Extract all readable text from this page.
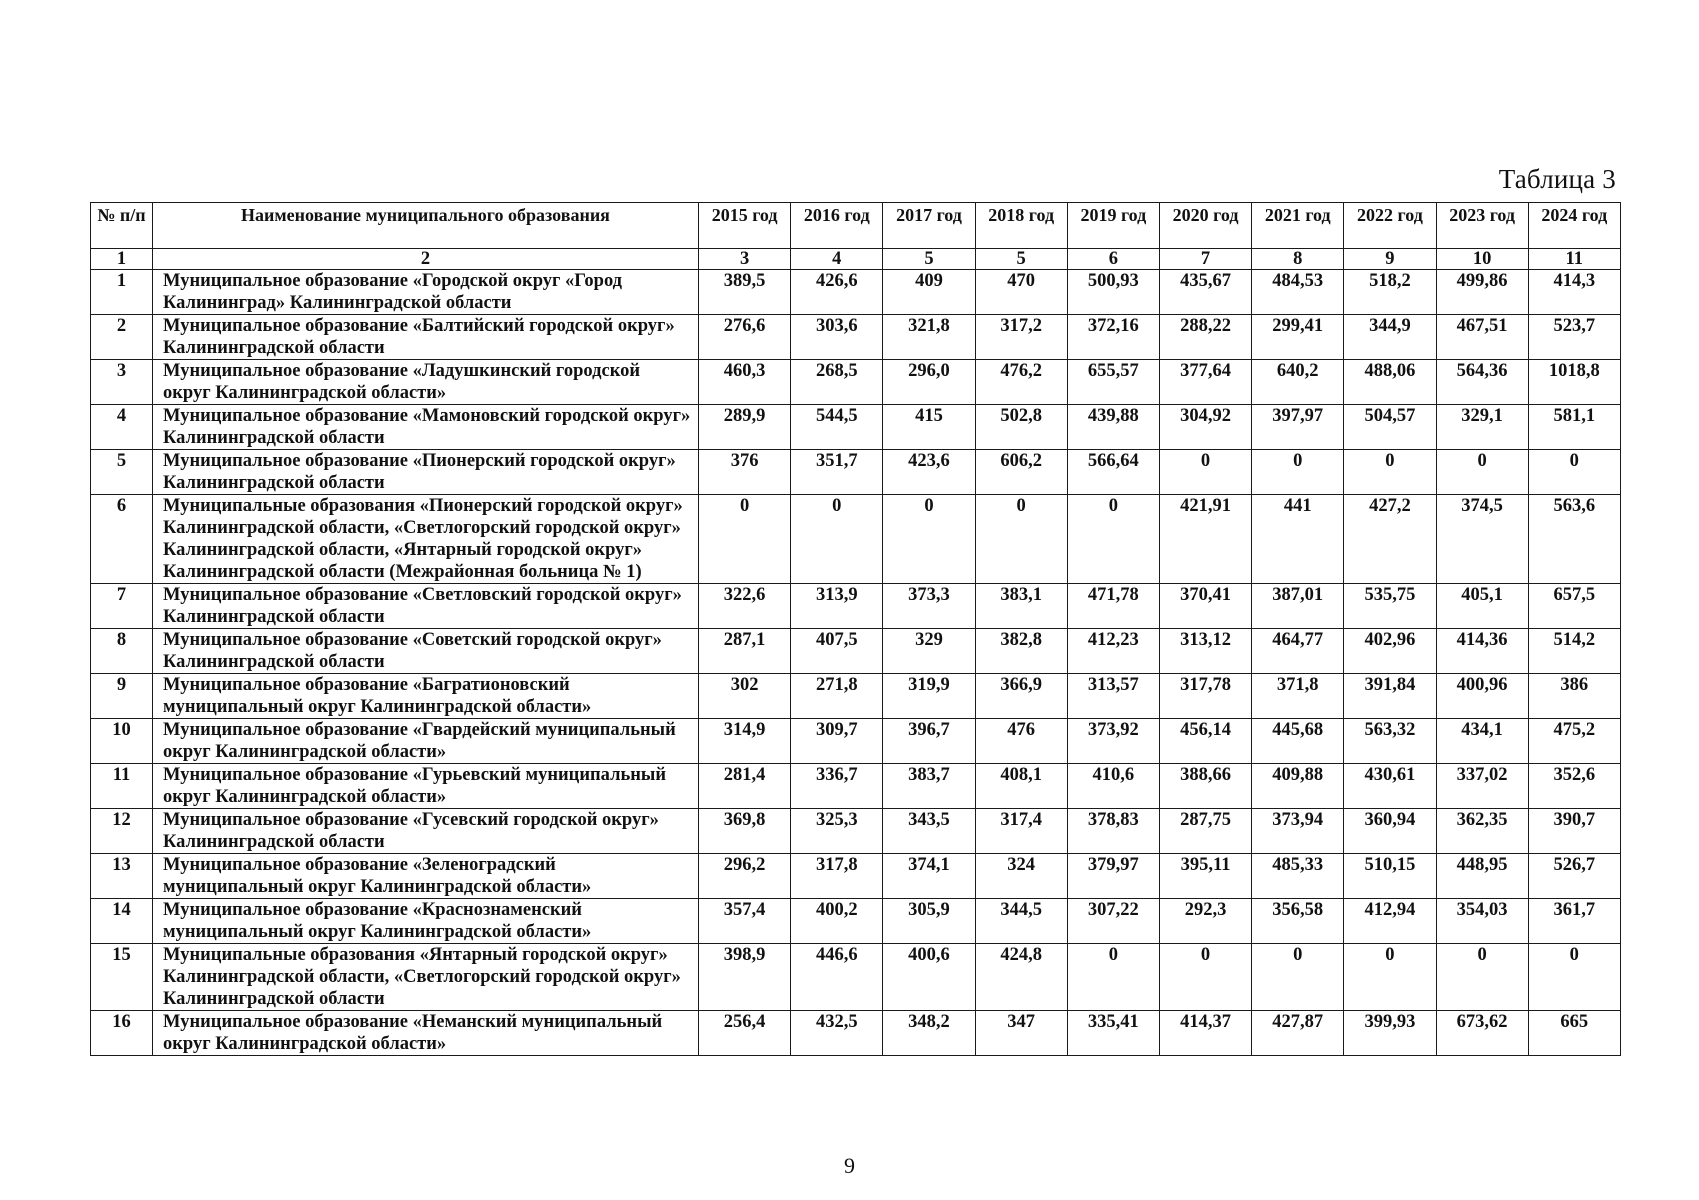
Таблица 3
№ п/п	Наименование муниципального образования	2015 год	2016 год	2017 год	2018 год	2019 год	2020 год	2021 год	2022 год	2023 год	2024 год
1	2	3	4	5	5	6	7	8	9	10	11
1	Муниципальное образование «Городской округ «Город Калининград» Калининградской области	389,5	426,6	409	470	500,93	435,67	484,53	518,2	499,86	414,3
2	Муниципальное образование «Балтийский городской округ» Калининградской области	276,6	303,6	321,8	317,2	372,16	288,22	299,41	344,9	467,51	523,7
3	Муниципальное образование «Ладушкинский городской округ Калининградской области»	460,3	268,5	296,0	476,2	655,57	377,64	640,2	488,06	564,36	1018,8
4	Муниципальное образование «Мамоновский городской округ» Калининградской области	289,9	544,5	415	502,8	439,88	304,92	397,97	504,57	329,1	581,1
5	Муниципальное образование «Пионерский городской округ» Калининградской области	376	351,7	423,6	606,2	566,64	0	0	0	0	0
6	Муниципальные образования «Пионерский городской округ» Калининградской области, «Светлогорский городской округ» Калининградской области, «Янтарный городской округ» Калининградской области (Межрайонная больница № 1)	0	0	0	0	0	421,91	441	427,2	374,5	563,6
7	Муниципальное образование «Светловский городской округ» Калининградской области	322,6	313,9	373,3	383,1	471,78	370,41	387,01	535,75	405,1	657,5
8	Муниципальное образование «Советский городской округ» Калининградской области	287,1	407,5	329	382,8	412,23	313,12	464,77	402,96	414,36	514,2
9	Муниципальное образование «Багратионовский муниципальный округ Калининградской области»	302	271,8	319,9	366,9	313,57	317,78	371,8	391,84	400,96	386
10	Муниципальное образование «Гвардейский муниципальный округ Калининградской области»	314,9	309,7	396,7	476	373,92	456,14	445,68	563,32	434,1	475,2
11	Муниципальное образование «Гурьевский муниципальный округ Калининградской области»	281,4	336,7	383,7	408,1	410,6	388,66	409,88	430,61	337,02	352,6
12	Муниципальное образование «Гусевский городской округ» Калининградской области	369,8	325,3	343,5	317,4	378,83	287,75	373,94	360,94	362,35	390,7
13	Муниципальное образование «Зеленоградский муниципальный округ Калининградской области»	296,2	317,8	374,1	324	379,97	395,11	485,33	510,15	448,95	526,7
14	Муниципальное образование «Краснознаменский муниципальный округ Калининградской области»	357,4	400,2	305,9	344,5	307,22	292,3	356,58	412,94	354,03	361,7
15	Муниципальные образования «Янтарный городской округ» Калининградской области, «Светлогорский городской округ» Калининградской области	398,9	446,6	400,6	424,8	0	0	0	0	0	0
16	Муниципальное образование «Неманский муниципальный округ Калининградской области»	256,4	432,5	348,2	347	335,41	414,37	427,87	399,93	673,62	665
9
